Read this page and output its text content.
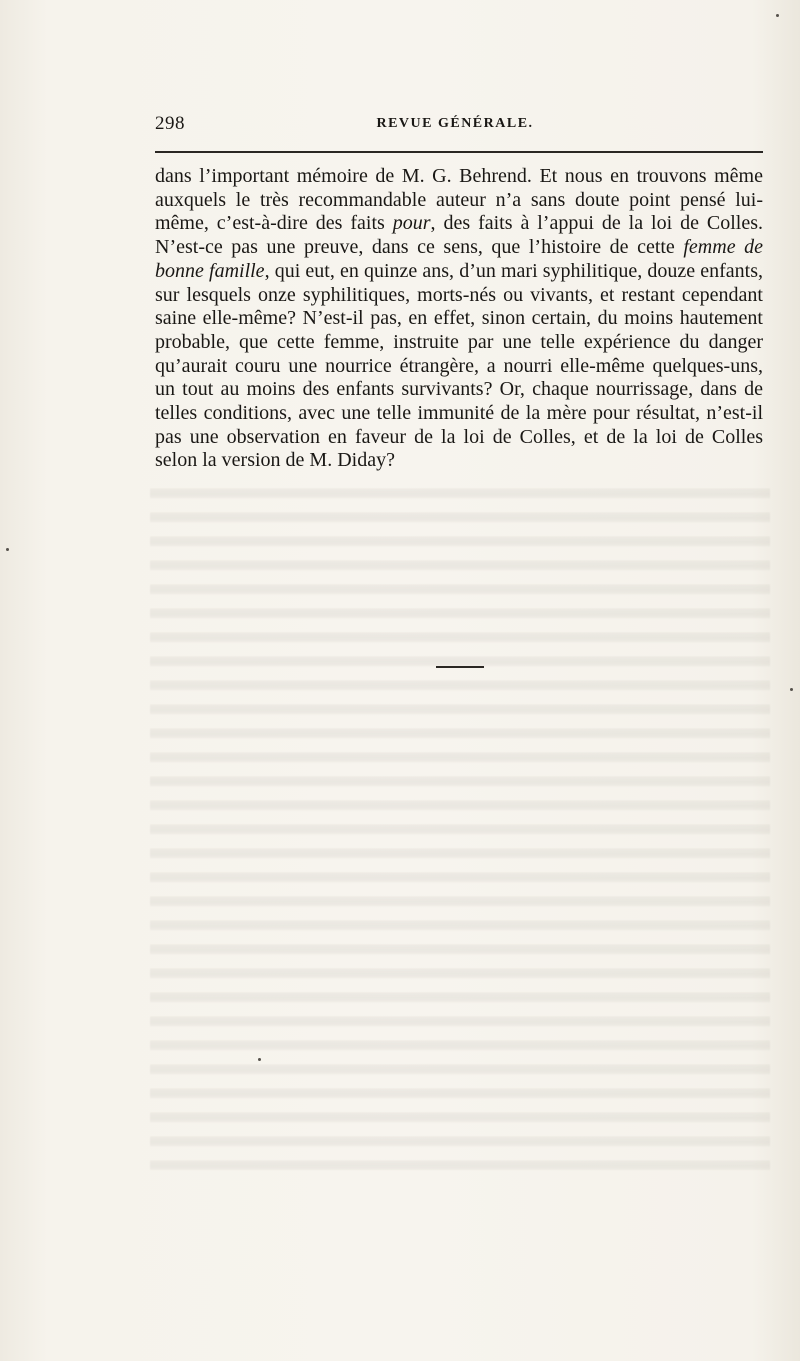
298	REVUE GÉNÉRALE.

dans l’important mémoire de M. G. Behrend. Et nous en trouvons même auxquels le très recommandable auteur n’a sans doute point pensé lui-même, c’est-à-dire des faits pour, des faits à l’appui de la loi de Colles. N’est-ce pas une preuve, dans ce sens, que l’histoire de cette femme de bonne famille, qui eut, en quinze ans, d’un mari syphilitique, douze enfants, sur lesquels onze syphilitiques, morts-nés ou vivants, et restant cependant saine elle-même? N’est-il pas, en effet, sinon certain, du moins hautement probable, que cette femme, instruite par une telle expérience du danger qu’aurait couru une nourrice étrangère, a nourri elle-même quelques-uns, un tout au moins des enfants survivants? Or, chaque nourrissage, dans de telles conditions, avec une telle immunité de la mère pour résultat, n’est-il pas une observation en faveur de la loi de Colles, et de la loi de Colles selon la version de M. Diday?
